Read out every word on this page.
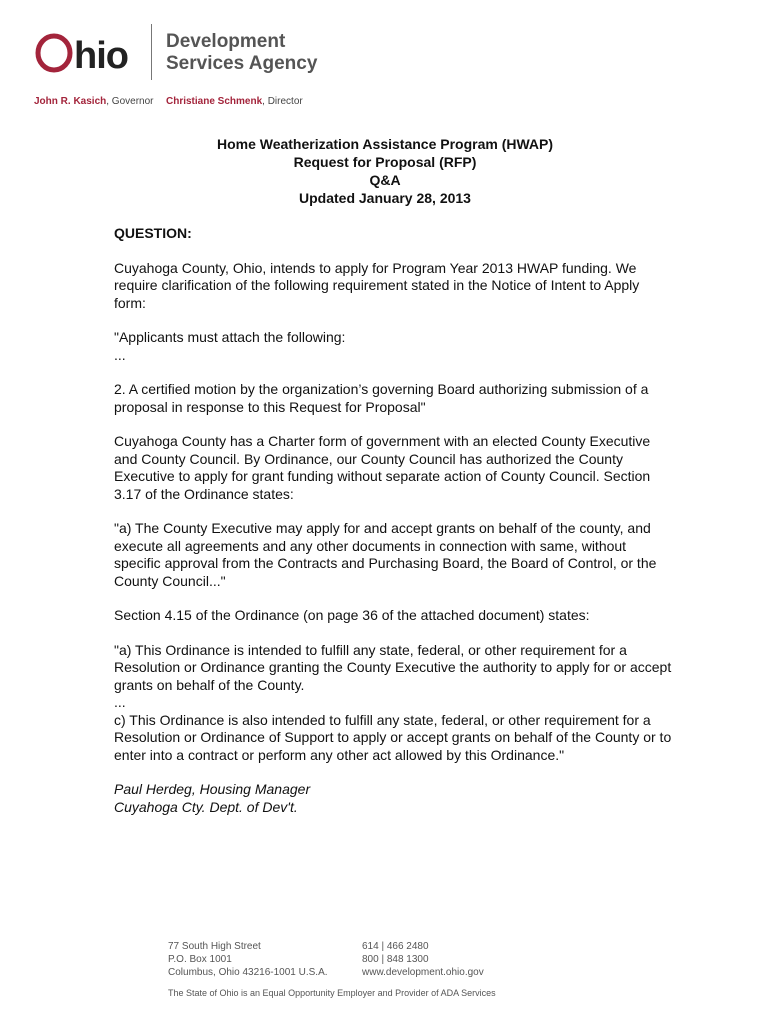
hio Development
Services Agency
John R. Kasich, Governor Christiane Schmenk, Director
Home Weatherization Assistance Program (HWAP)
Request for Proposal (RFP)
Q&A
Updated January 28, 2013

QUESTION:

Cuyahoga County, Ohio, intends to apply for Program Year 2013 HWAP funding. We require clarification of the following requirement stated in the Notice of Intent to Apply form:

"Applicants must attach the following:
...

2. A certified motion by the organization’s governing Board authorizing submission of a proposal in response to this Request for Proposal"

Cuyahoga County has a Charter form of government with an elected County Executive and County Council. By Ordinance, our County Council has authorized the County Executive to apply for grant funding without separate action of County Council. Section 3.17 of the Ordinance states:

"a) The County Executive may apply for and accept grants on behalf of the county, and execute all agreements and any other documents in connection with same, without specific approval from the Contracts and Purchasing Board, the Board of Control, or the County Council..."

Section 4.15 of the Ordinance (on page 36 of the attached document) states:

"a) This Ordinance is intended to fulfill any state, federal, or other requirement for a Resolution or Ordinance granting the County Executive the authority to apply for or accept grants on behalf of the County.
...
c) This Ordinance is also intended to fulfill any state, federal, or other requirement for a Resolution or Ordinance of Support to apply or accept grants on behalf of the County or to enter into a contract or perform any other act allowed by this Ordinance."

Paul Herdeg, Housing Manager
Cuyahoga Cty. Dept. of Dev't.

77 South High Street
P.O. Box 1001
Columbus, Ohio 43216-1001 U.S.A.
614 | 466 2480
800 | 848 1300
www.development.ohio.gov
The State of Ohio is an Equal Opportunity Employer and Provider of ADA Services
